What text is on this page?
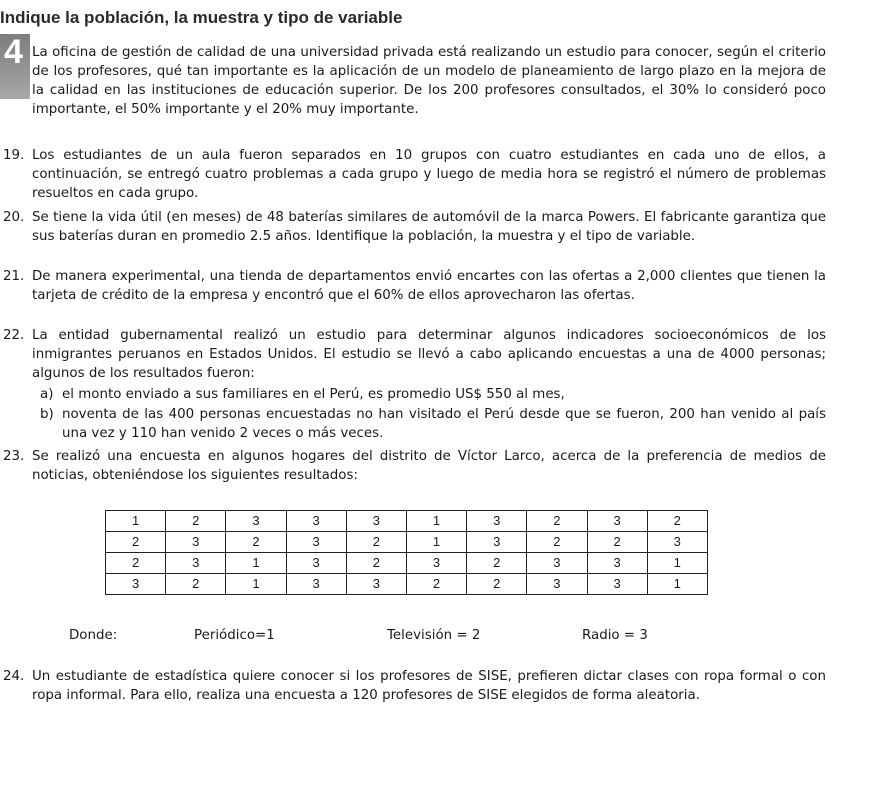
Indique la población, la muestra y tipo de variable
4 La oficina de gestión de calidad de una universidad privada está realizando un estudio para conocer, según el criterio de los profesores, qué tan importante es la aplicación de un modelo de planeamiento de largo plazo en la mejora de la calidad en las instituciones de educación superior. De los 200 profesores consultados, el 30% lo consideró poco importante, el 50% importante y el 20% muy importante.
19. Los estudiantes de un aula fueron separados en 10 grupos con cuatro estudiantes en cada uno de ellos, a continuación, se entregó cuatro problemas a cada grupo y luego de media hora se registró el número de problemas resueltos en cada grupo.
20. Se tiene la vida útil (en meses) de 48 baterías similares de automóvil de la marca Powers. El fabricante garantiza que sus baterías duran en promedio 2.5 años. Identifique la población, la muestra y el tipo de variable.
21. De manera experimental, una tienda de departamentos envió encartes con las ofertas a 2,000 clientes que tienen la tarjeta de crédito de la empresa y encontró que el 60% de ellos aprovecharon las ofertas.
22. La entidad gubernamental realizó un estudio para determinar algunos indicadores socioeconómicos de los inmigrantes peruanos en Estados Unidos. El estudio se llevó a cabo aplicando encuestas a una de 4000 personas; algunos de los resultados fueron:
a) el monto enviado a sus familiares en el Perú, es promedio US$ 550 al mes,
b) noventa de las 400 personas encuestadas no han visitado el Perú desde que se fueron, 200 han venido al país una vez y 110 han venido 2 veces o más veces.
23. Se realizó una encuesta en algunos hogares del distrito de Víctor Larco, acerca de la preferencia de medios de noticias, obteniéndose los siguientes resultados:
1	2	3	3	3	1	3	2	3	2
2	3	2	3	2	1	3	2	2	3
2	3	1	3	2	3	2	3	3	1
3	2	1	3	3	2	2	3	3	1
Donde:	Periódico=1	Televisión = 2	Radio = 3
24. Un estudiante de estadística quiere conocer si los profesores de SISE, prefieren dictar clases con ropa formal o con ropa informal. Para ello, realiza una encuesta a 120 profesores de SISE elegidos de forma aleatoria.
